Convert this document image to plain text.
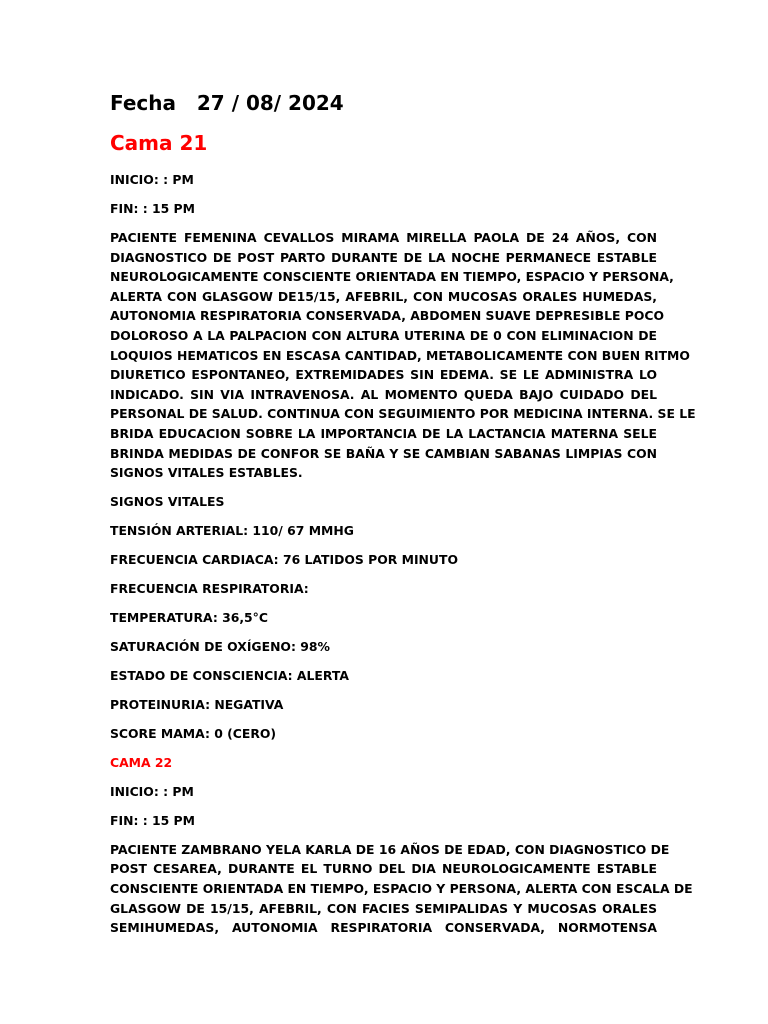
Fecha   27 / 08/ 2024
Cama 21
INICIO: : PM
FIN: : 15 PM
PACIENTE FEMENINA CEVALLOS MIRAMA MIRELLA PAOLA DE 24 AÑOS, CON
DIAGNOSTICO DE POST PARTO DURANTE DE LA NOCHE PERMANECE ESTABLE
NEUROLOGICAMENTE CONSCIENTE ORIENTADA EN TIEMPO, ESPACIO Y PERSONA,
ALERTA CON GLASGOW DE15/15, AFEBRIL, CON MUCOSAS ORALES HUMEDAS,
AUTONOMIA RESPIRATORIA CONSERVADA, ABDOMEN SUAVE DEPRESIBLE POCO
DOLOROSO A LA PALPACION CON ALTURA UTERINA DE 0 CON ELIMINACION DE
LOQUIOS HEMATICOS EN ESCASA CANTIDAD, METABOLICAMENTE CON BUEN RITMO
DIURETICO ESPONTANEO, EXTREMIDADES SIN EDEMA. SE LE ADMINISTRA LO
INDICADO. SIN VIA INTRAVENOSA. AL MOMENTO QUEDA BAJO CUIDADO DEL
PERSONAL DE SALUD. CONTINUA CON SEGUIMIENTO POR MEDICINA INTERNA. SE LE
BRIDA EDUCACION SOBRE LA IMPORTANCIA DE LA LACTANCIA MATERNA SELE
BRINDA MEDIDAS DE CONFOR SE BAÑA Y SE CAMBIAN SABANAS LIMPIAS CON
SIGNOS VITALES ESTABLES.
SIGNOS VITALES
TENSIÓN ARTERIAL: 110/ 67 MMHG
FRECUENCIA CARDIACA: 76 LATIDOS POR MINUTO
FRECUENCIA RESPIRATORIA:
TEMPERATURA: 36,5°C
SATURACIÓN DE OXÍGENO: 98%
ESTADO DE CONSCIENCIA: ALERTA
PROTEINURIA: NEGATIVA
SCORE MAMA: 0 (CERO)
CAMA 22
INICIO: : PM
FIN: : 15 PM
PACIENTE ZAMBRANO YELA KARLA DE 16 AÑOS DE EDAD, CON DIAGNOSTICO DE
POST CESAREA, DURANTE EL TURNO DEL DIA NEUROLOGICAMENTE ESTABLE
CONSCIENTE ORIENTADA EN TIEMPO, ESPACIO Y PERSONA, ALERTA CON ESCALA DE
GLASGOW DE 15/15, AFEBRIL, CON FACIES SEMIPALIDAS Y MUCOSAS ORALES
SEMIHUMEDAS, AUTONOMIA RESPIRATORIA CONSERVADA, NORMOTENSA
